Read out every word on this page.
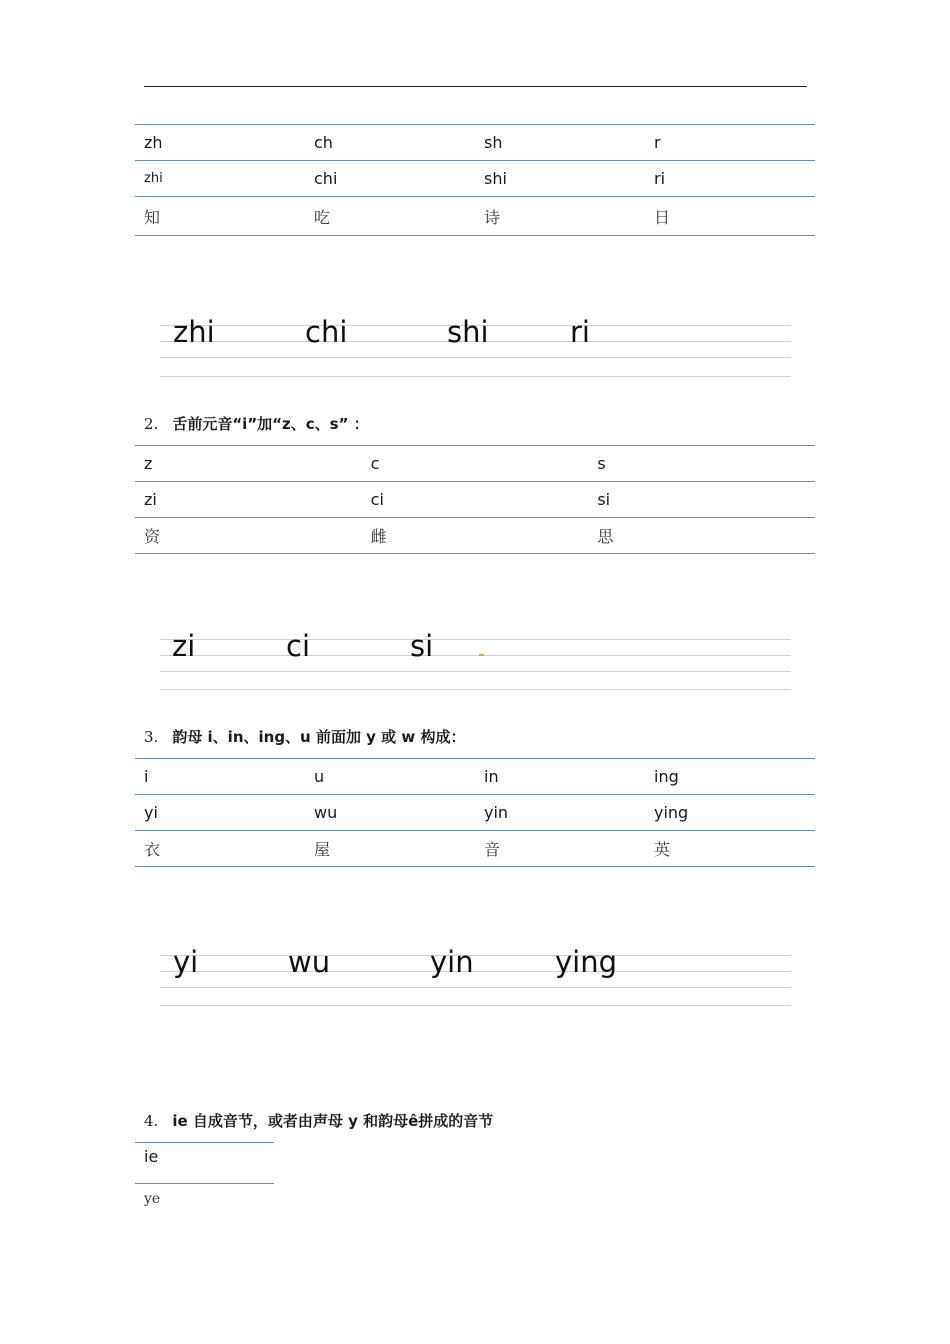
zh	ch	sh	r
zhi	chi	shi	ri
知	吃	诗	日
zhi	chi	shi	ri
2. 舌前元音“i”加“z、c、s” ：
z	c	s
zi	ci	si
资	雌	思
zi	ci	si
3. 韵母 i、in、ing、u 前面加 y 或 w 构成：
i	u	in	ing
yi	wu	yin	ying
衣	屋	音	英
yi	wu	yin	ying
4. ie 自成音节，或者由声母 y 和韵母ê拼成的音节
ie
ye
